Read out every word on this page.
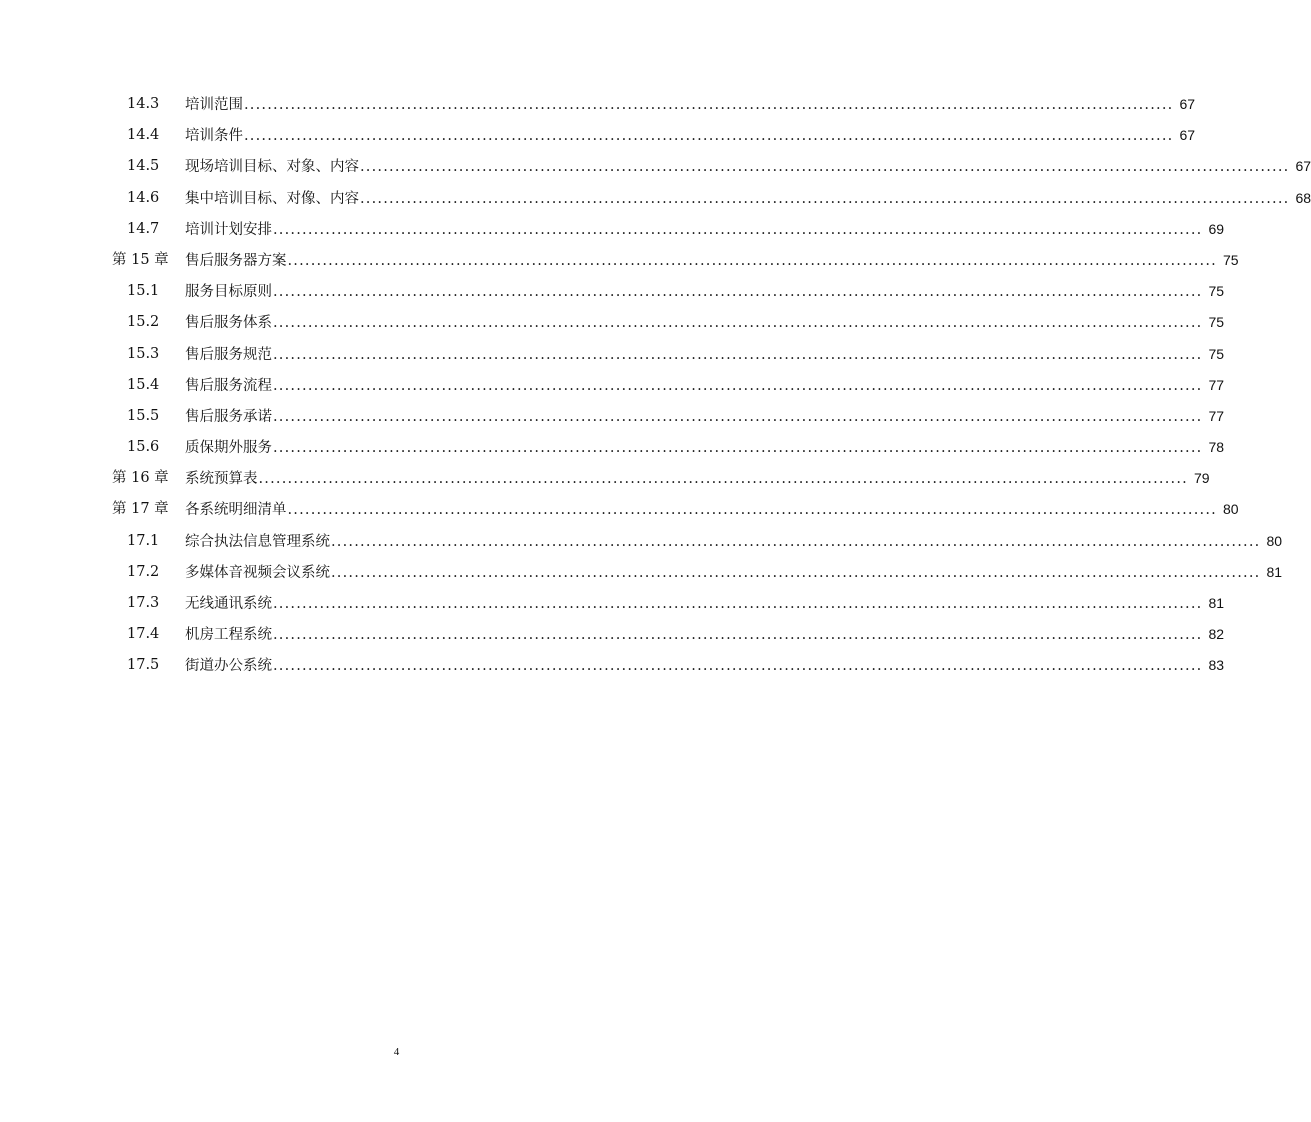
14.3 培训范围 ................................................................................................................................................................ 67
14.4 培训条件 ................................................................................................................................................................ 67
14.5 现场培训目标、对象、内容 ................................................................................................................................................................ 67
14.6 集中培训目标、对像、内容 ................................................................................................................................................................ 68
14.7 培训计划安排 ................................................................................................................................................................ 69
第 15 章 售后服务器方案 ................................................................................................................................................................ 75
15.1 服务目标原则 ................................................................................................................................................................ 75
15.2 售后服务体系 ................................................................................................................................................................ 75
15.3 售后服务规范 ................................................................................................................................................................ 75
15.4 售后服务流程 ................................................................................................................................................................ 77
15.5 售后服务承诺 ................................................................................................................................................................ 77
15.6 质保期外服务 ................................................................................................................................................................ 78
第 16 章 系统预算表 ................................................................................................................................................................ 79
第 17 章 各系统明细清单 ................................................................................................................................................................ 80
17.1 综合执法信息管理系统 ................................................................................................................................................................ 80
17.2 多媒体音视频会议系统 ................................................................................................................................................................ 81
17.3 无线通讯系统 ................................................................................................................................................................ 81
17.4 机房工程系统 ................................................................................................................................................................ 82
17.5 街道办公系统 ................................................................................................................................................................ 83
4
